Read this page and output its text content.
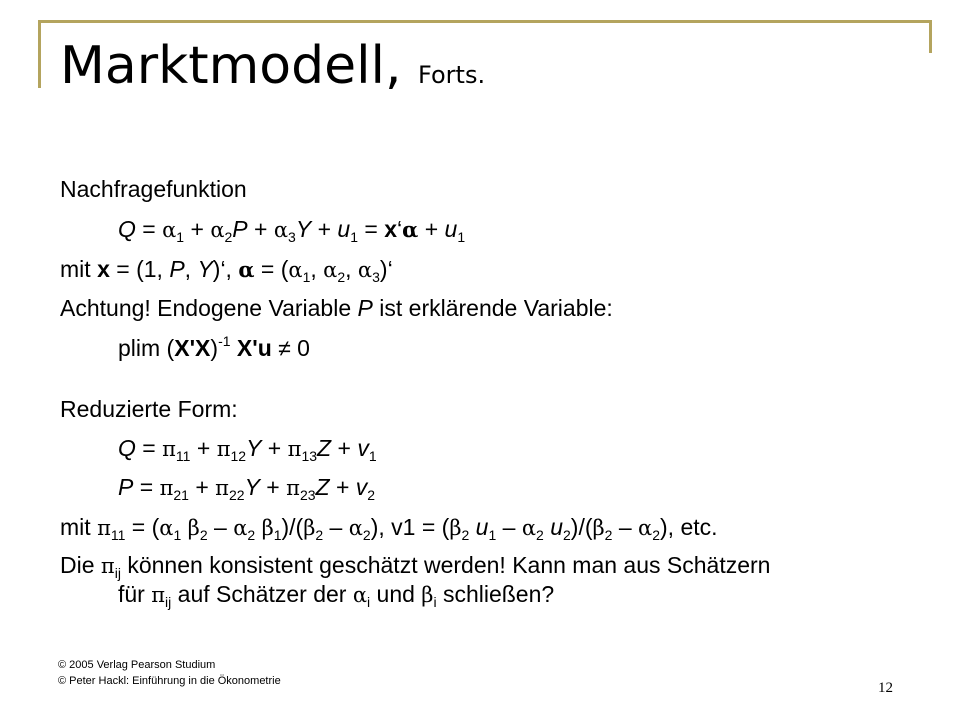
Marktmodell, Forts.
Nachfragefunktion
$Q = \alpha_1 + \alpha_2P + \alpha_3Y + u_1$ = x‘α + $u_1$
mit x = (1, P, Y)‘, $\alpha = (\alpha_1$, $\alpha_2$, $\alpha_3)‘$
Achtung! Endogene Variable P ist erklärende Variable:
plim $(X'X)^{-1}$ X'u ≠ 0
Reduzierte Form:
$Q = \pi_{11} + \pi_{12}Y + \pi_{13}Z + v_1$
$P = \pi_{21} + \pi_{22}Y + \pi_{23}Z + v_2$
mit $\pi_{11} = (\alpha_1$ $\beta_2 - \alpha_2$ $\beta_1)/(\beta_2 - \alpha_2)$, $v1 = (\beta_2$ $u_1 - \alpha_2$ $u_2)/(\beta_2 - \alpha_2)$, etc.
Die $\pi_{ij}$ können konsistent geschätzt werden! Kann man aus Schätzern
für $\pi_{ij}$ auf Schätzer der $\alpha_i$ und $\beta_i$ schließen?
© 2005 Verlag Pearson Studium
© Peter Hackl: Einführung in die Ökonometrie	12
